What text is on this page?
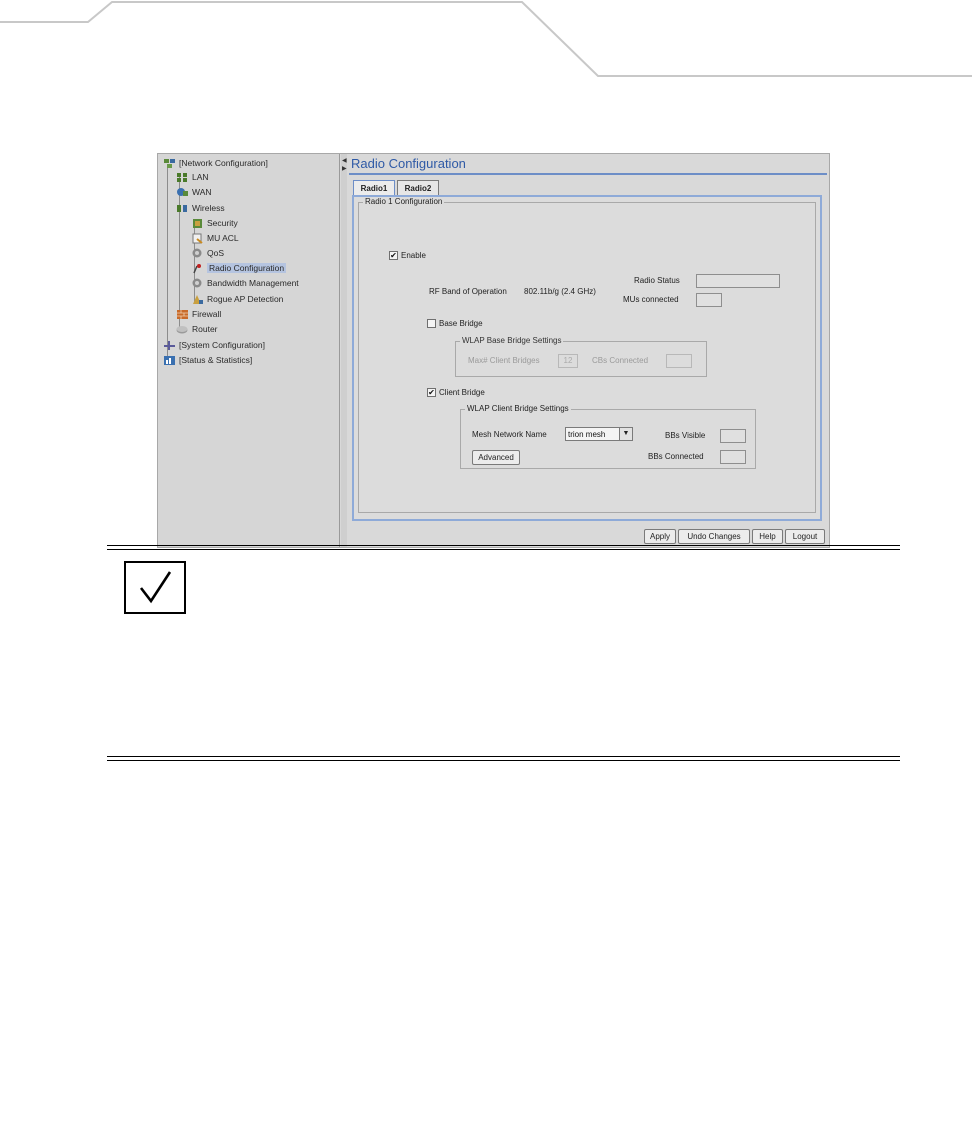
[Network Configuration]
LAN
WAN
Wireless
Security
MU ACL
QoS
Radio Configuration
Bandwidth Management
Rogue AP Detection
Firewall
Router
[System Configuration]
[Status & Statistics]
◀
▶ Radio Configuration
Radio1	Radio2
Radio 1 Configuration
✔ Enable
RF Band of Operation 802.11b/g (2.4 GHz)
Radio Status
MUs connected
Base Bridge
WLAP Base Bridge Settings
Max# Client Bridges	12	CBs Connected
✔ Client Bridge
WLAP Client Bridge Settings
Mesh Network Name	trion mesh	▼	BBs Visible
Advanced	BBs Connected
Apply	Undo Changes	Help	Logout
